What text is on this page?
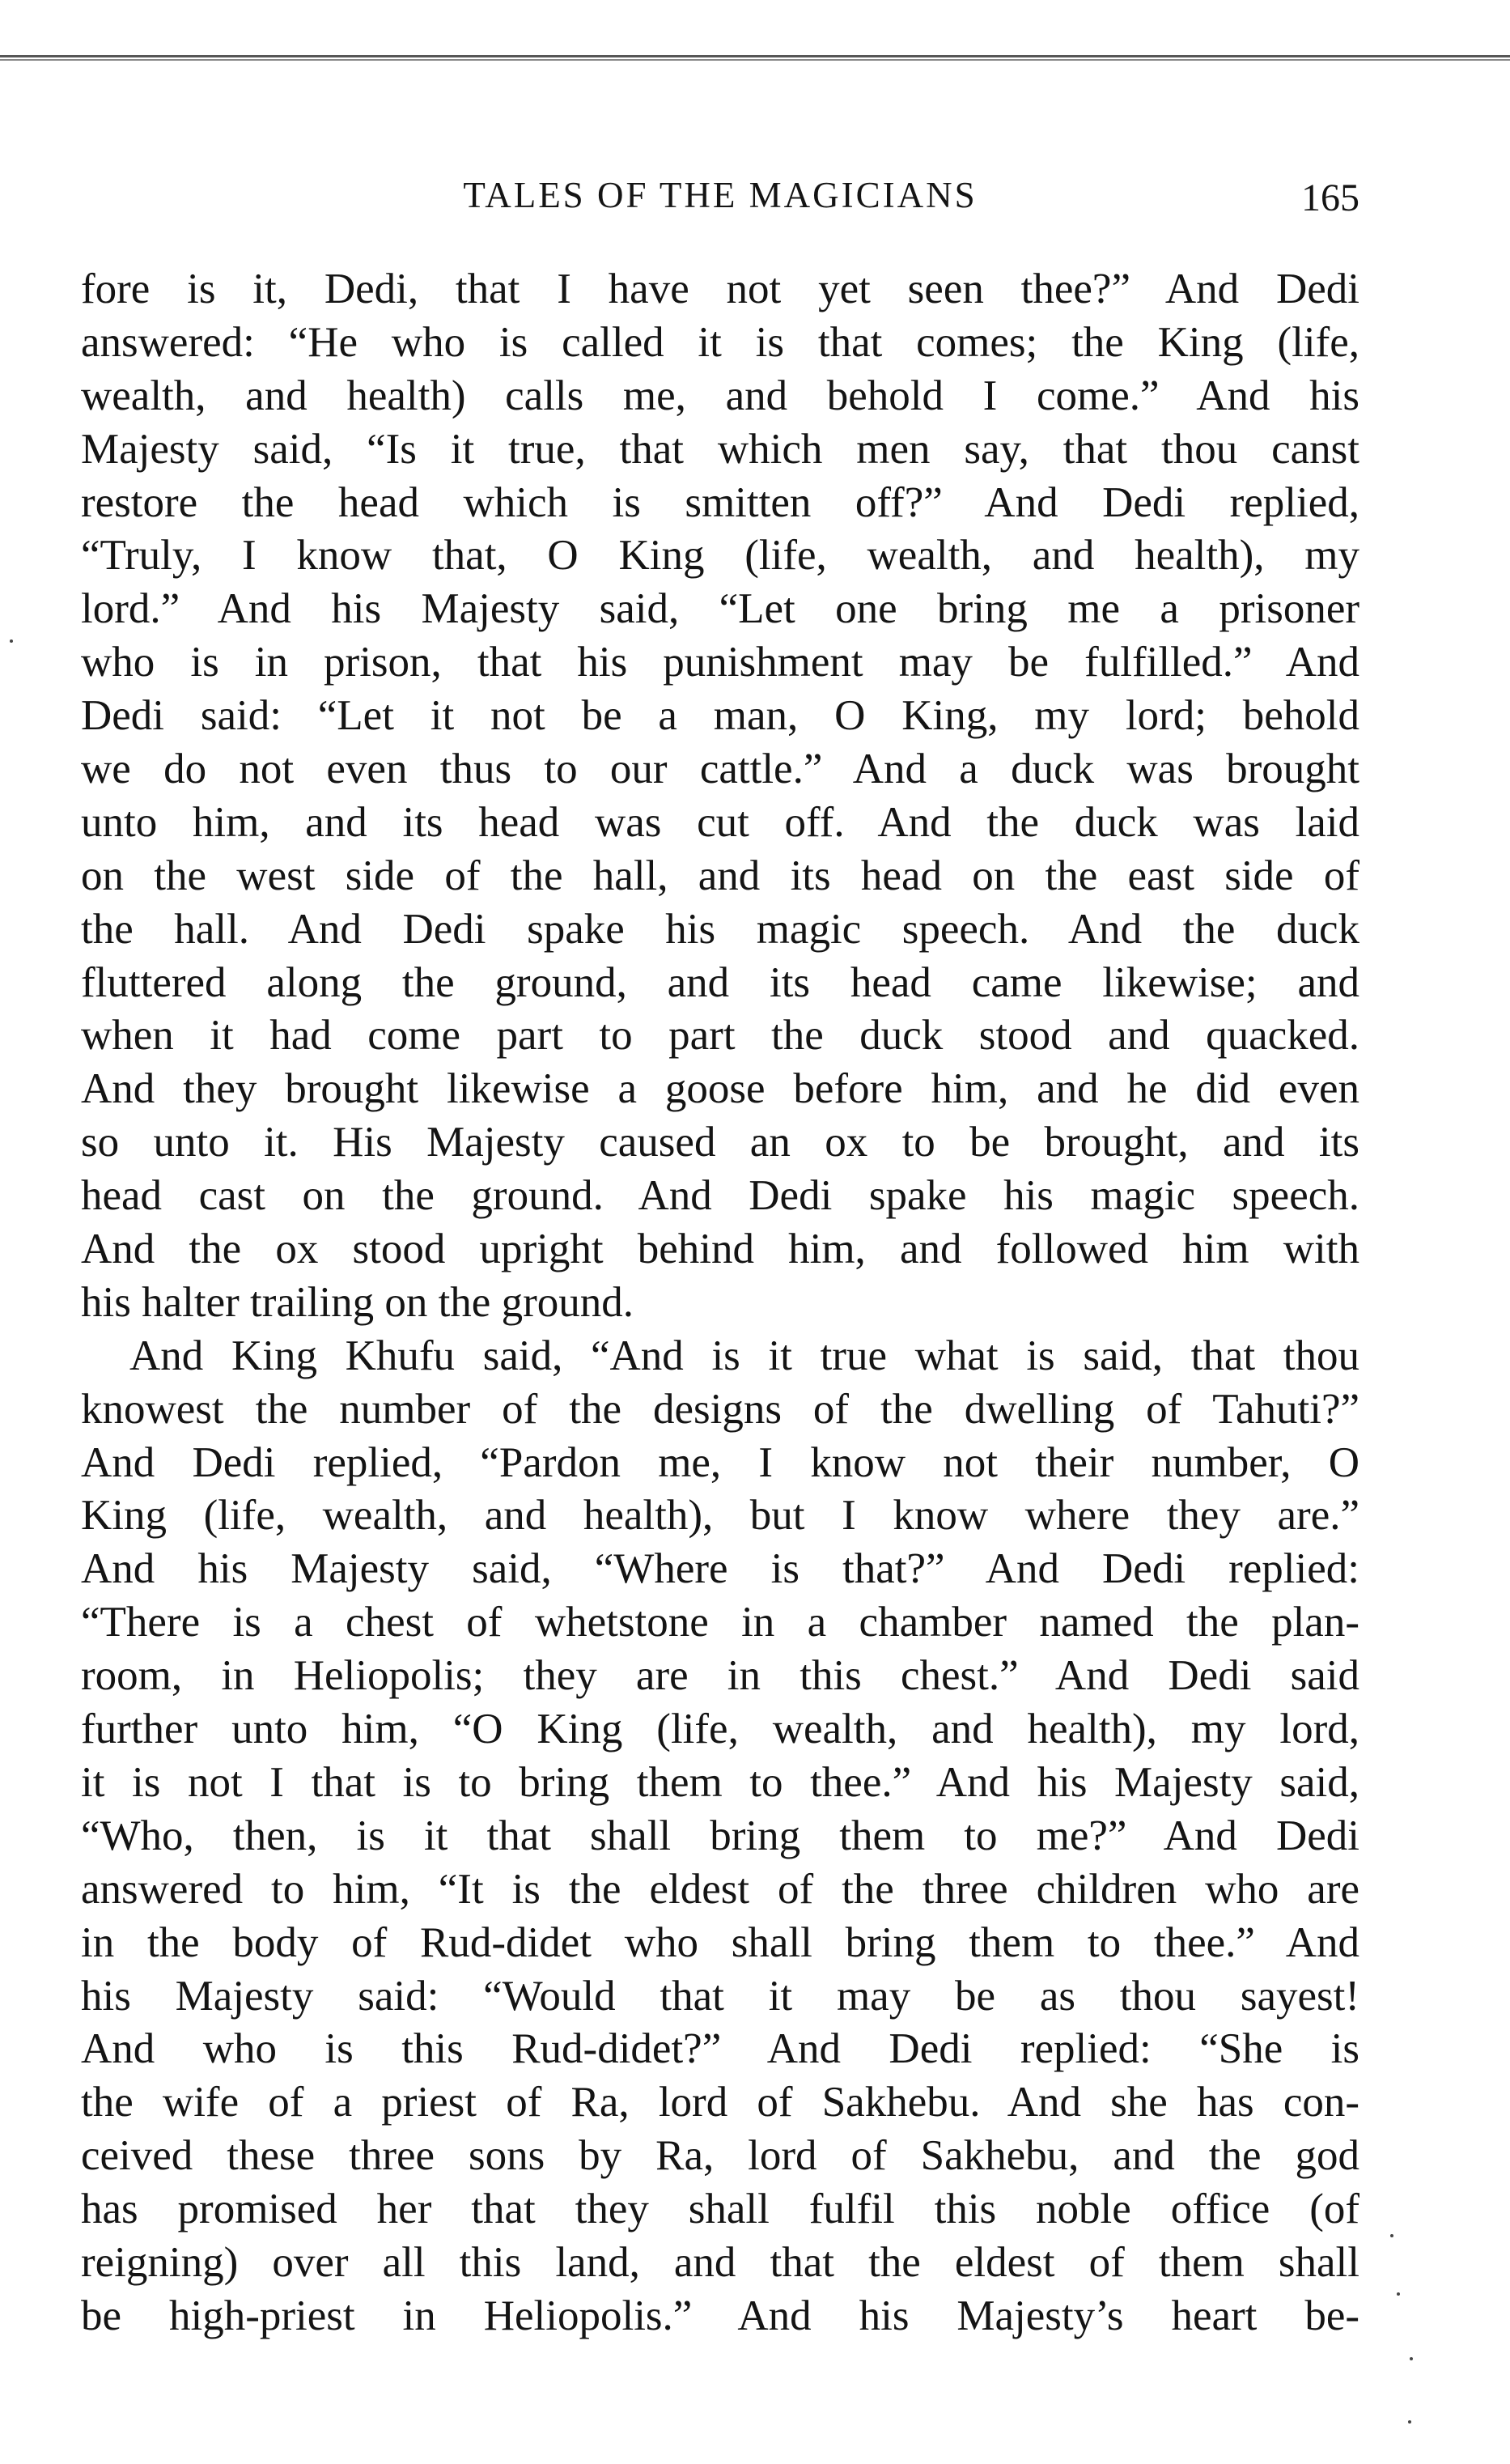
TALES OF THE MAGICIANS	165
fore is it, Dedi, that I have not yet seen thee?” And Dedi
answered: “He who is called it is that comes; the King (life,
wealth, and health) calls me, and behold I come.” And his
Majesty said, “Is it true, that which men say, that thou canst
restore the head which is smitten off?” And Dedi replied,
“Truly, I know that, O King (life, wealth, and health), my
lord.” And his Majesty said, “Let one bring me a prisoner
who is in prison, that his punishment may be fulfilled.” And
Dedi said: “Let it not be a man, O King, my lord; behold
we do not even thus to our cattle.” And a duck was brought
unto him, and its head was cut off. And the duck was laid
on the west side of the hall, and its head on the east side of
the hall. And Dedi spake his magic speech. And the duck
fluttered along the ground, and its head came likewise; and
when it had come part to part the duck stood and quacked.
And they brought likewise a goose before him, and he did even
so unto it. His Majesty caused an ox to be brought, and its
head cast on the ground. And Dedi spake his magic speech.
And the ox stood upright behind him, and followed him with
his halter trailing on the ground.
And King Khufu said, “And is it true what is said, that thou
knowest the number of the designs of the dwelling of Tahuti?”
And Dedi replied, “Pardon me, I know not their number, O
King (life, wealth, and health), but I know where they are.”
And his Majesty said, “Where is that?” And Dedi replied:
“There is a chest of whetstone in a chamber named the plan-
room, in Heliopolis; they are in this chest.” And Dedi said
further unto him, “O King (life, wealth, and health), my lord,
it is not I that is to bring them to thee.” And his Majesty said,
“Who, then, is it that shall bring them to me?” And Dedi
answered to him, “It is the eldest of the three children who are
in the body of Rud-didet who shall bring them to thee.” And
his Majesty said: “Would that it may be as thou sayest!
And who is this Rud-didet?” And Dedi replied: “She is
the wife of a priest of Ra, lord of Sakhebu. And she has con-
ceived these three sons by Ra, lord of Sakhebu, and the god
has promised her that they shall fulfil this noble office (of
reigning) over all this land, and that the eldest of them shall
be high-priest in Heliopolis.” And his Majesty’s heart be-
